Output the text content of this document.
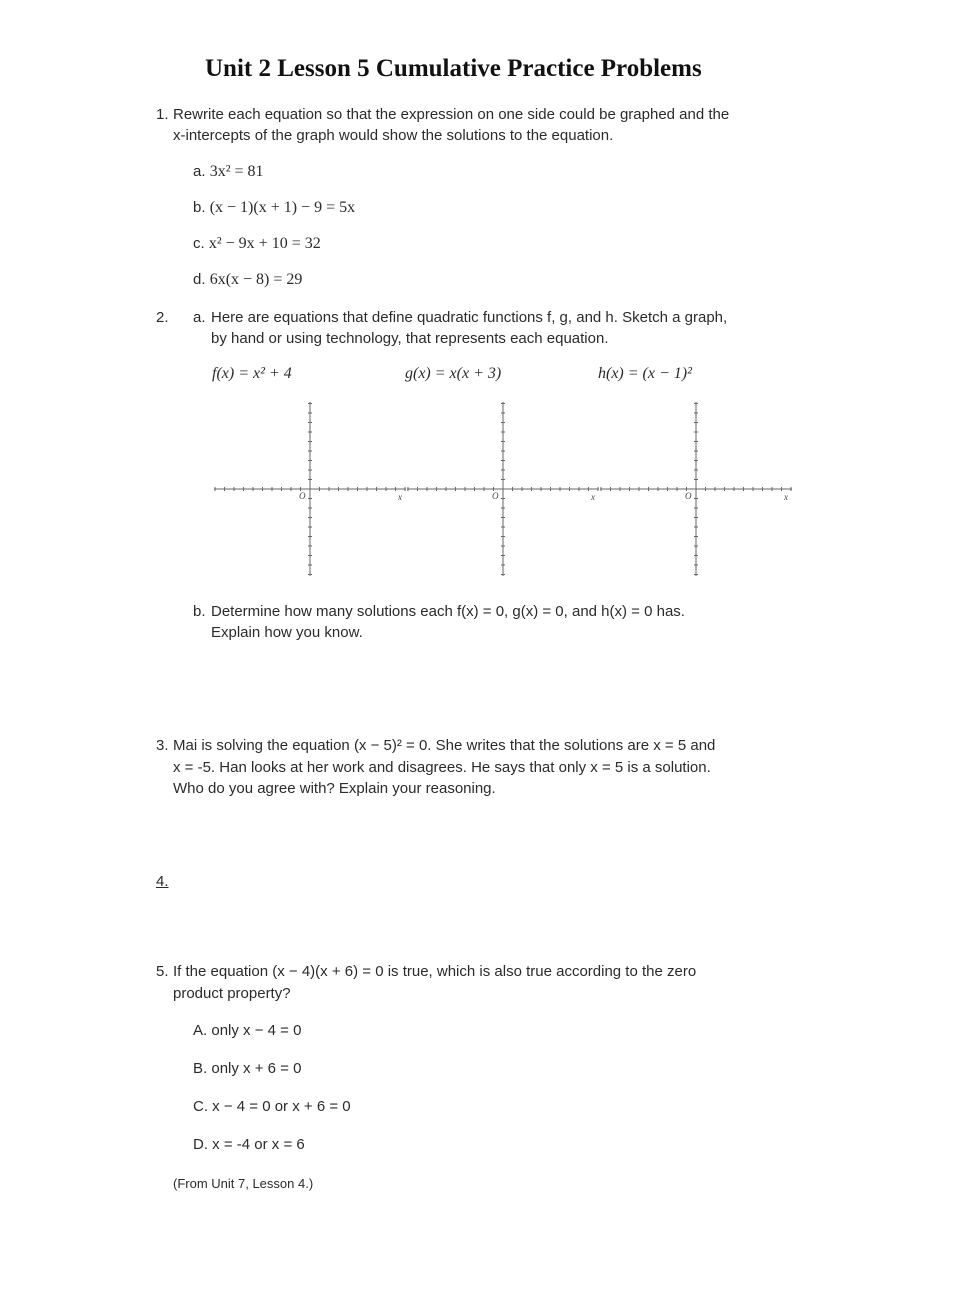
Unit 2 Lesson 5 Cumulative Practice Problems
1. Rewrite each equation so that the expression on one side could be graphed and the
x-intercepts of the graph would show the solutions to the equation.
a. 3x² = 81
b. (x − 1)(x + 1) − 9 = 5x
c. x² − 9x + 10 = 32
d. 6x(x − 8) = 29
2. a. Here are equations that define quadratic functions f, g, and h. Sketch a graph,
by hand or using technology, that represents each equation.
f(x) = x² + 4	g(x) = x(x + 3)	h(x) = (x − 1)²
O	x	O	x	O	x
b. Determine how many solutions each f(x) = 0, g(x) = 0, and h(x) = 0 has.
Explain how you know.
3. Mai is solving the equation (x − 5)² = 0. She writes that the solutions are x = 5 and
x = -5. Han looks at her work and disagrees. He says that only x = 5 is a solution.
Who do you agree with? Explain your reasoning.
4.
5. If the equation (x − 4)(x + 6) = 0 is true, which is also true according to the zero
product property?
A. only x − 4 = 0
B. only x + 6 = 0
C. x − 4 = 0 or x + 6 = 0
D. x = -4 or x = 6
(From Unit 7, Lesson 4.)
